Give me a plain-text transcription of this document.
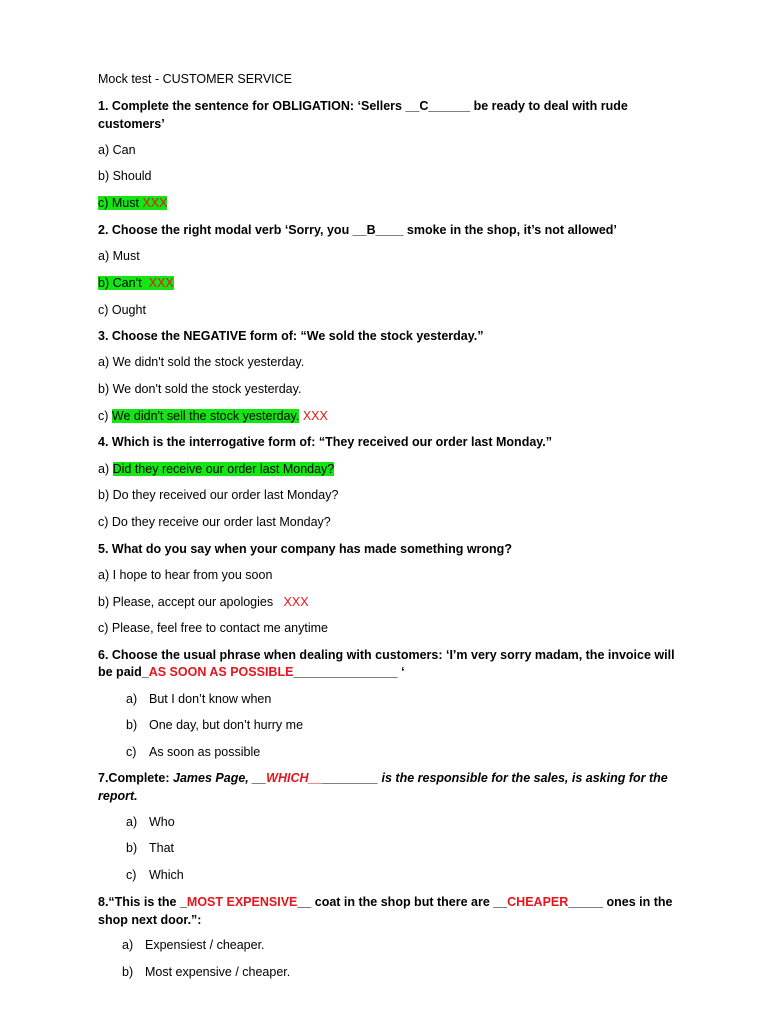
Mock test - CUSTOMER SERVICE
1. Complete the sentence for OBLIGATION: ‘Sellers __C______ be ready to deal with rude
customers’
a) Can
b) Should
c) Must XXX
2. Choose the right modal verb ‘Sorry, you __B____ smoke in the shop, it’s not allowed’
a) Must
b) Can’t XXX
c) Ought
3. Choose the NEGATIVE form of: “We sold the stock yesterday.”
a) We didn't sold the stock yesterday.
b) We don't sold the stock yesterday.
c) We didn't sell the stock yesterday. XXX
4. Which is the interrogative form of: “They received our order last Monday.”
a) Did they receive our order last Monday?
b) Do they received our order last Monday?
c) Do they receive our order last Monday?
5. What do you say when your company has made something wrong?
a) I hope to hear from you soon
b) Please, accept our apologies XXX
c) Please, feel free to contact me anytime
6. Choose the usual phrase when dealing with customers: ‘I’m very sorry madam, the invoice will
be paid_AS SOON AS POSSIBLE_______________ ‘
a) But I don’t know when
b) One day, but don’t hurry me
c) As soon as possible
7.Complete: James Page, __WHICH__________ is the responsible for the sales, is asking for the
report.
a) Who
b) That
c) Which
8.“This is the _MOST EXPENSIVE__ coat in the shop but there are __CHEAPER_____ ones in the
shop next door.”:
a) Expensiest / cheaper.
b) Most expensive / cheaper.
